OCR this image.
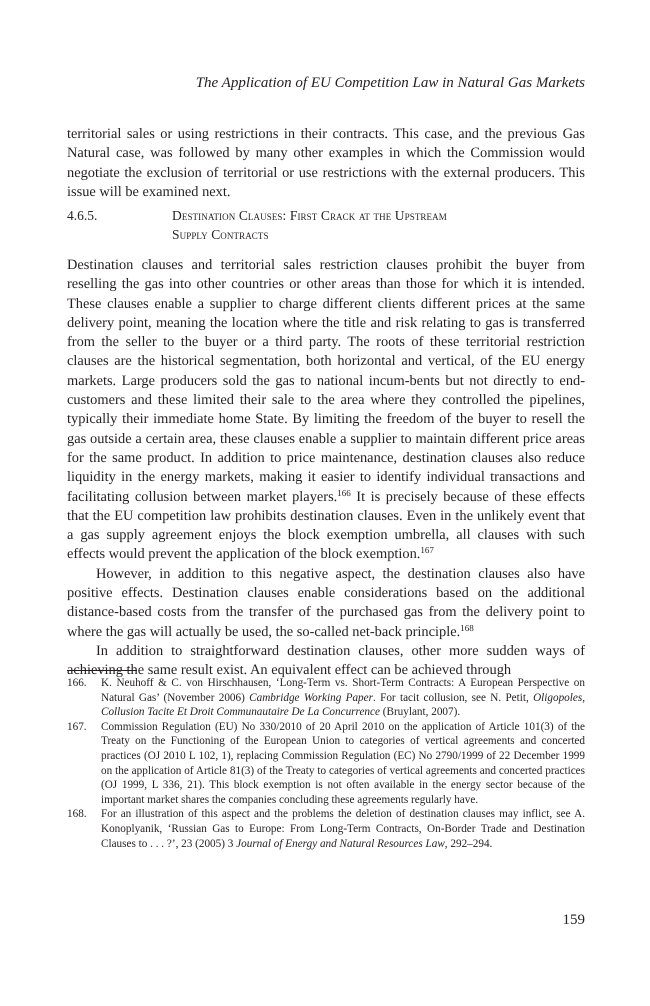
The Application of EU Competition Law in Natural Gas Markets

territorial sales or using restrictions in their contracts. This case, and the previous Gas Natural case, was followed by many other examples in which the Commission would negotiate the exclusion of territorial or use restrictions with the external producers. This issue will be examined next.

4.6.5.	Destination Clauses: First Crack at the Upstream
Supply Contracts

Destination clauses and territorial sales restriction clauses prohibit the buyer from reselling the gas into other countries or other areas than those for which it is intended. These clauses enable a supplier to charge different clients different prices at the same delivery point, meaning the location where the title and risk relating to gas is transferred from the seller to the buyer or a third party. The roots of these territorial restriction clauses are the historical segmentation, both horizontal and vertical, of the EU energy markets. Large producers sold the gas to national incum-bents but not directly to end-customers and these limited their sale to the area where they controlled the pipelines, typically their immediate home State. By limiting the freedom of the buyer to resell the gas outside a certain area, these clauses enable a supplier to maintain different price areas for the same product. In addition to price maintenance, destination clauses also reduce liquidity in the energy markets, making it easier to identify individual transactions and facilitating collusion between market players.$^{166}$ It is precisely because of these effects that the EU competition law prohibits destination clauses. Even in the unlikely event that a gas supply agreement enjoys the block exemption umbrella, all clauses with such effects would prevent the application of the block exemption.$^{167}$

However, in addition to this negative aspect, the destination clauses also have positive effects. Destination clauses enable considerations based on the additional distance-based costs from the transfer of the purchased gas from the delivery point to where the gas will actually be used, the so-called net-back principle.$^{168}$

In addition to straightforward destination clauses, other more sudden ways of achieving the same result exist. An equivalent effect can be achieved through

166. K. Neuhoff & C. von Hirschhausen, ‘Long-Term vs. Short-Term Contracts: A European Perspective on Natural Gas’ (November 2006) Cambridge Working Paper. For tacit collusion, see N. Petit, Oligopoles, Collusion Tacite Et Droit Communautaire De La Concurrence (Bruylant, 2007).

167. Commission Regulation (EU) No 330/2010 of 20 April 2010 on the application of Article 101(3) of the Treaty on the Functioning of the European Union to categories of vertical agreements and concerted practices (OJ 2010 L 102, 1), replacing Commission Regulation (EC) No 2790/1999 of 22 December 1999 on the application of Article 81(3) of the Treaty to categories of vertical agreements and concerted practices (OJ 1999, L 336, 21). This block exemption is not often available in the energy sector because of the important market shares the companies concluding these agreements regularly have.

168. For an illustration of this aspect and the problems the deletion of destination clauses may inflict, see A. Konoplyanik, ‘Russian Gas to Europe: From Long-Term Contracts, On-Border Trade and Destination Clauses to . . . ?’, 23 (2005) 3 Journal of Energy and Natural Resources Law, 292–294.

159
